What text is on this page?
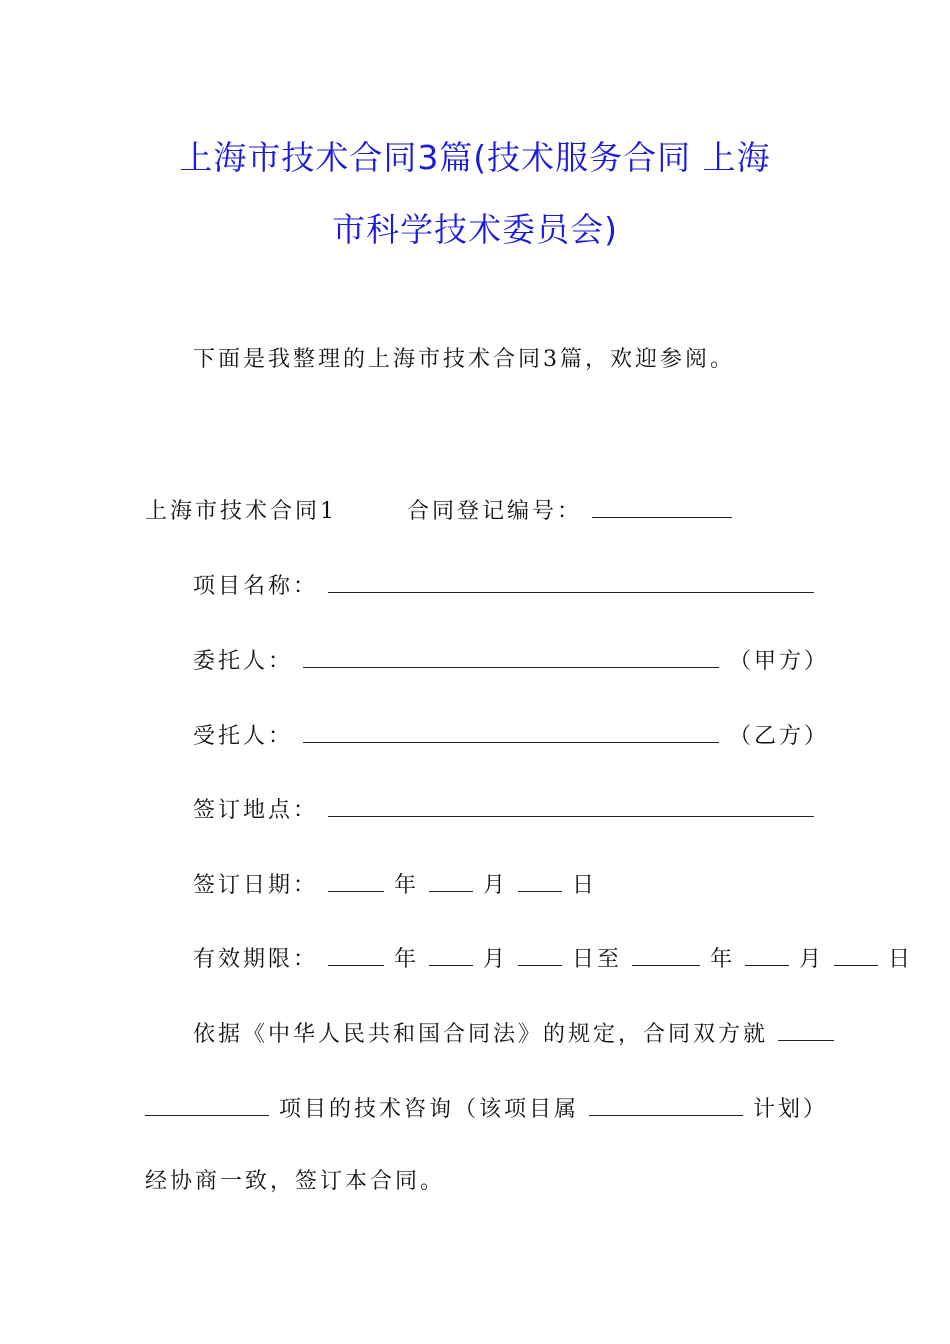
上海市技术合同3篇(技术服务合同 上海
市科学技术委员会)
下面是我整理的上海市技术合同3篇，欢迎参阅。
上海市技术合同1	合同登记编号：
项目名称：
委托人：	（甲方）
受托人：	（乙方）
签订地点：
签订日期：	年	月	日
有效期限：	年	月	日至	年	月	日
依据《中华人民共和国合同法》的规定，合同双方就
项目的技术咨询（该项目属	计划）
经协商一致，签订本合同。
